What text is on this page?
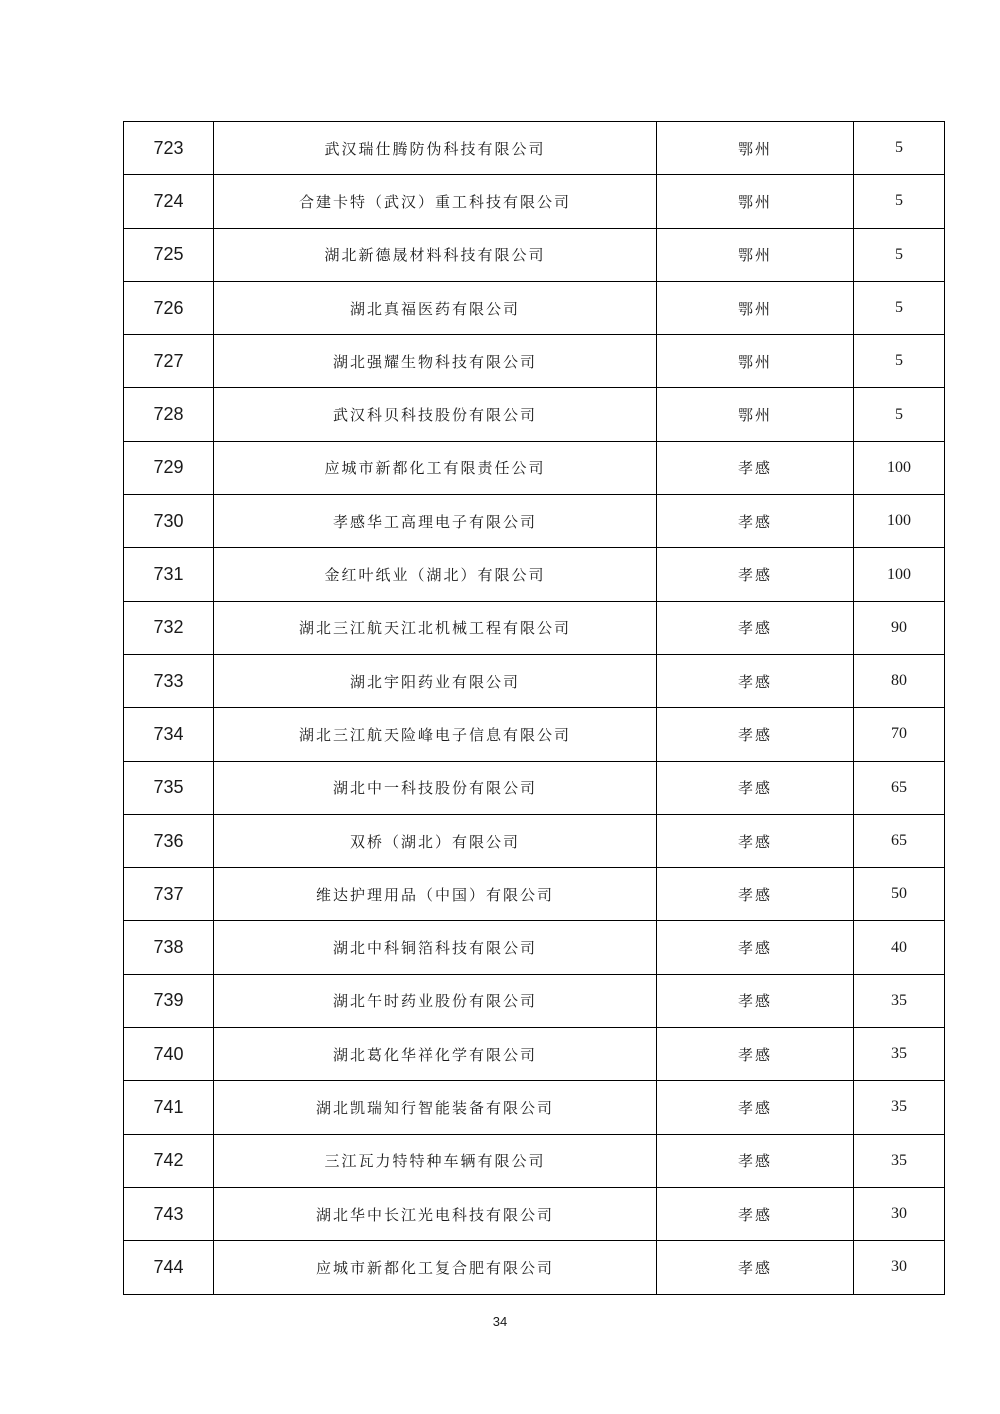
723	武汉瑞仕腾防伪科技有限公司	鄂州	5
724	合建卡特（武汉）重工科技有限公司	鄂州	5
725	湖北新德晟材料科技有限公司	鄂州	5
726	湖北真福医药有限公司	鄂州	5
727	湖北强耀生物科技有限公司	鄂州	5
728	武汉科贝科技股份有限公司	鄂州	5
729	应城市新都化工有限责任公司	孝感	100
730	孝感华工高理电子有限公司	孝感	100
731	金红叶纸业（湖北）有限公司	孝感	100
732	湖北三江航天江北机械工程有限公司	孝感	90
733	湖北宇阳药业有限公司	孝感	80
734	湖北三江航天险峰电子信息有限公司	孝感	70
735	湖北中一科技股份有限公司	孝感	65
736	双桥（湖北）有限公司	孝感	65
737	维达护理用品（中国）有限公司	孝感	50
738	湖北中科铜箔科技有限公司	孝感	40
739	湖北午时药业股份有限公司	孝感	35
740	湖北葛化华祥化学有限公司	孝感	35
741	湖北凯瑞知行智能装备有限公司	孝感	35
742	三江瓦力特特种车辆有限公司	孝感	35
743	湖北华中长江光电科技有限公司	孝感	30
744	应城市新都化工复合肥有限公司	孝感	30
34
